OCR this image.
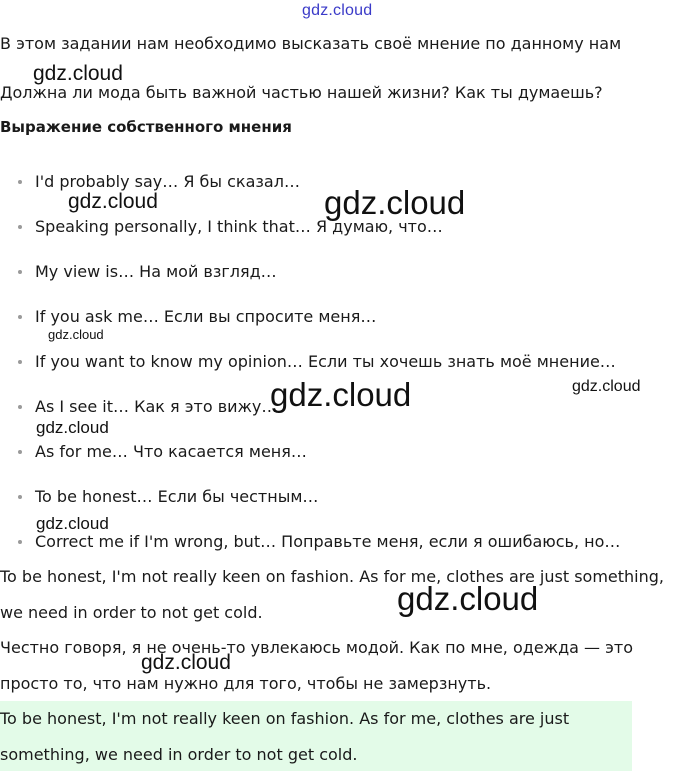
gdz.cloud
В этом задании нам необходимо высказать своё мнение по данному нам
Должна ли мода быть важной частью нашей жизни? Как ты думаешь?
Выражение собственного мнения
I'd probably say… Я бы сказал…
Speaking personally, I think that… Я думаю, что…
My view is… На мой взгляд…
If you ask me… Если вы спросите меня…
If you want to know my opinion… Если ты хочешь знать моё мнение…
As I see it… Как я это вижу…
As for me… Что касается меня…
To be honest… Если бы честным…
Correct me if I'm wrong, but… Поправьте меня, если я ошибаюсь, но…
To be honest, I'm not really keen on fashion. As for me, clothes are just something,
we need in order to not get cold.
Честно говоря, я не очень-то увлекаюсь модой. Как по мне, одежда — это
просто то, что нам нужно для того, чтобы не замерзнуть.
To be honest, I'm not really keen on fashion. As for me, clothes are just
something, we need in order to not get cold.
gdz.cloud
gdz.cloud	gdz.cloud
gdz.cloud
gdz.cloud	gdz.cloud
gdz.cloud
gdz.cloud
gdz.cloud
gdz.cloud
